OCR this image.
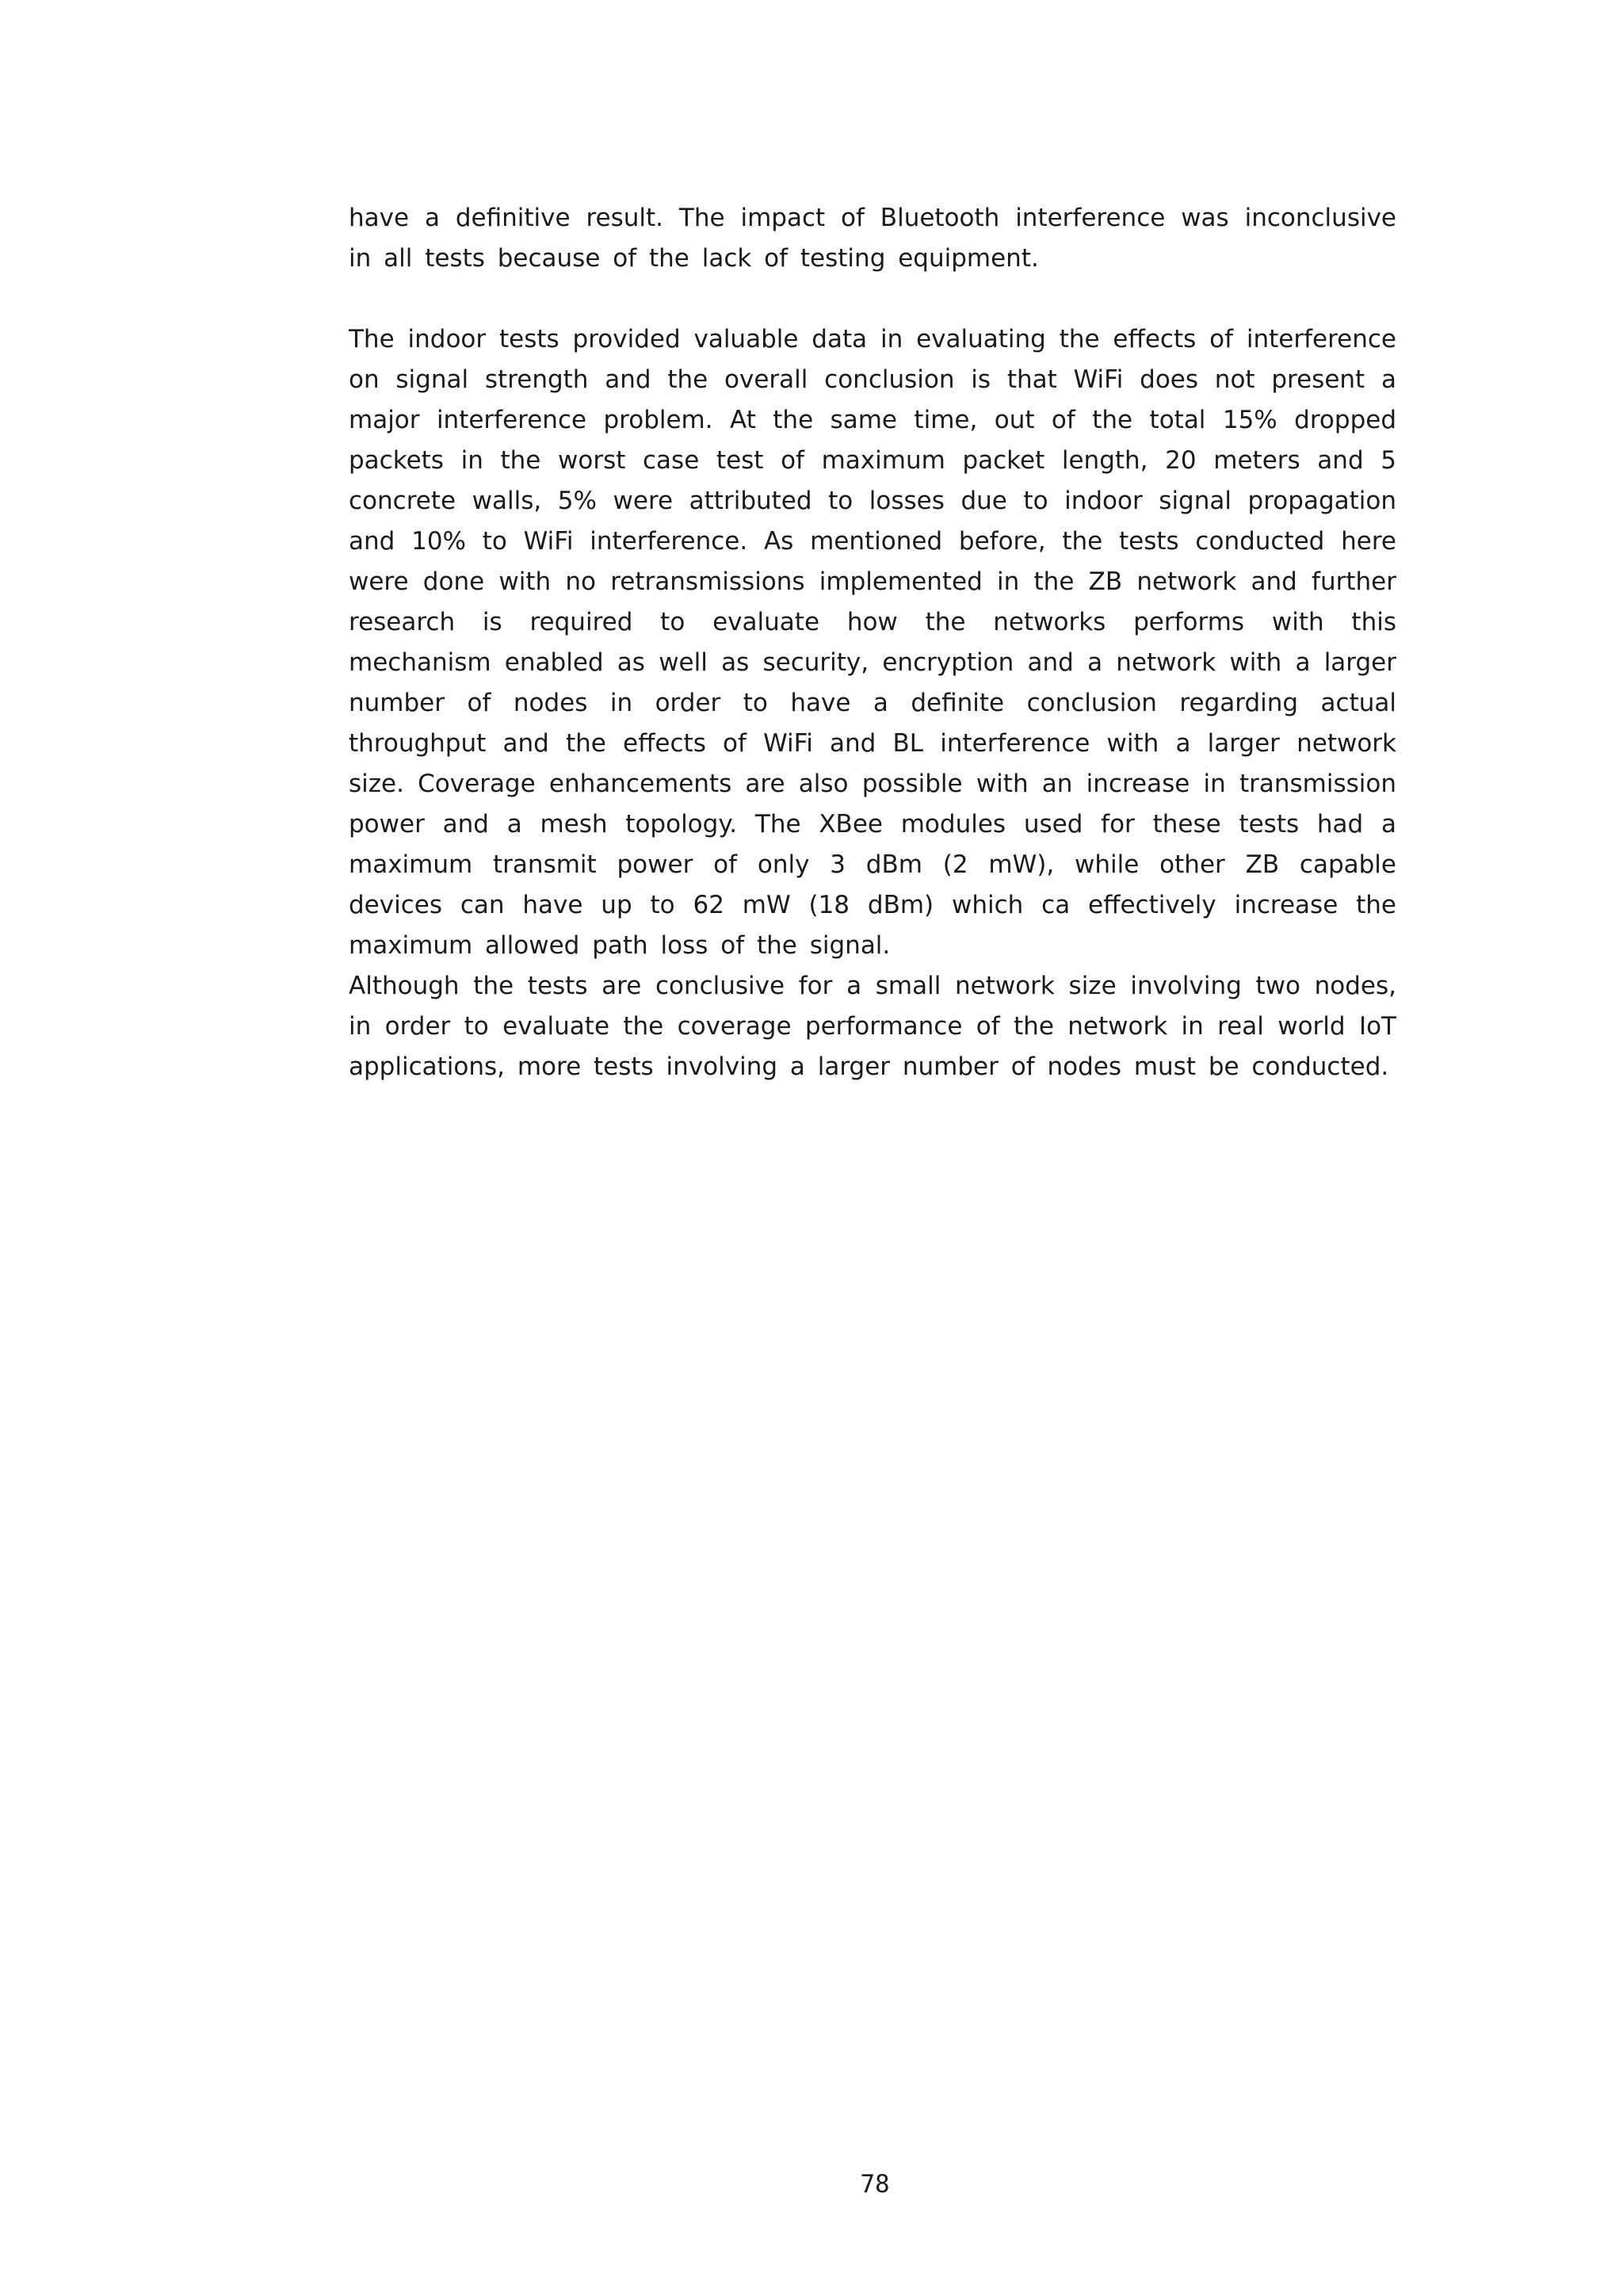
have a definitive result. The impact of Bluetooth interference was inconclusive in all tests because of the lack of testing equipment.

The indoor tests provided valuable data in evaluating the effects of interference on signal strength and the overall conclusion is that WiFi does not present a major interference problem. At the same time, out of the total 15% dropped packets in the worst case test of maximum packet length, 20 meters and 5 concrete walls, 5% were attributed to losses due to indoor signal propagation and 10% to WiFi interference. As mentioned before, the tests conducted here were done with no retransmissions implemented in the ZB network and further research is required to evaluate how the networks performs with this mechanism enabled as well as security, encryption and a network with a larger number of nodes in order to have a definite conclusion regarding actual throughput and the effects of WiFi and BL interference with a larger network size. Coverage enhancements are also possible with an increase in transmission power and a mesh topology. The XBee modules used for these tests had a maximum transmit power of only 3 dBm (2 mW), while other ZB capable devices can have up to 62 mW (18 dBm) which ca effectively increase the maximum allowed path loss of the signal.

Although the tests are conclusive for a small network size involving two nodes, in order to evaluate the coverage performance of the network in real world IoT applications, more tests involving a larger number of nodes must be conducted.

78
